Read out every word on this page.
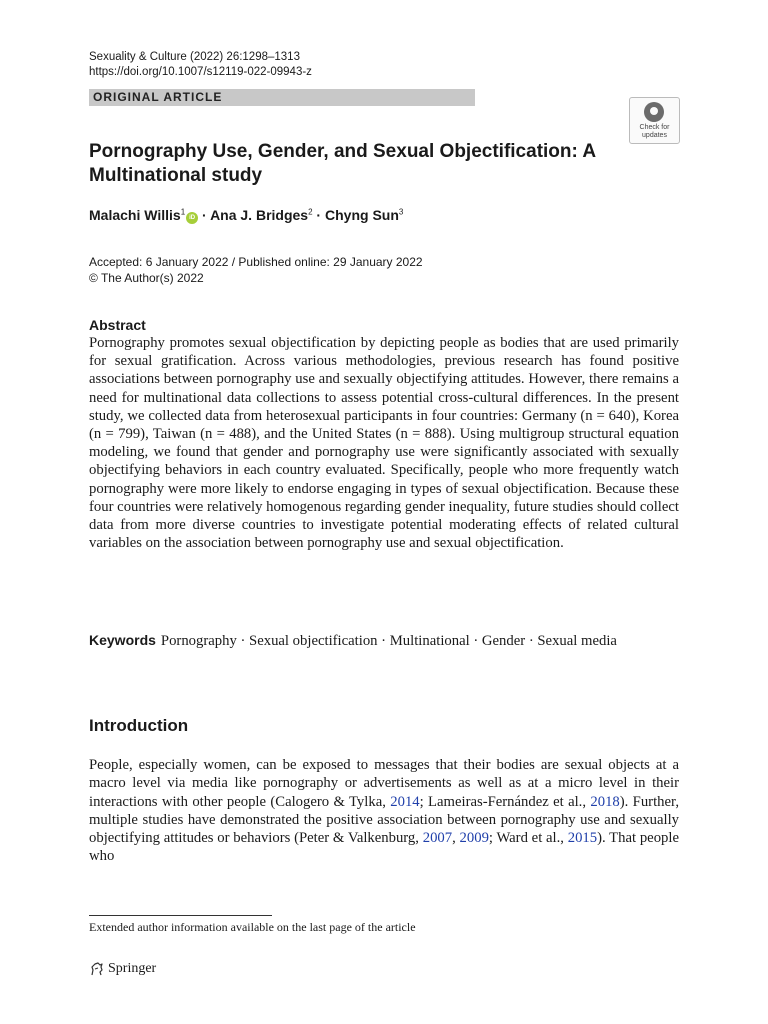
Sexuality & Culture (2022) 26:1298–1313
https://doi.org/10.1007/s12119-022-09943-z
ORIGINAL ARTICLE
Check for updates
Pornography Use, Gender, and Sexual Objectification: A Multinational study
Malachi Willis$^1$iD · Ana J. Bridges$^2$ · Chyng Sun$^3$
Accepted: 6 January 2022 / Published online: 29 January 2022
© The Author(s) 2022
Abstract
Pornography promotes sexual objectification by depicting people as bodies that are used primarily for sexual gratification. Across various methodologies, previous research has found positive associations between pornography use and sexually objectifying attitudes. However, there remains a need for multinational data collections to assess potential cross-cultural differences. In the present study, we collected data from heterosexual participants in four countries: Germany (n = 640), Korea (n = 799), Taiwan (n = 488), and the United States (n = 888). Using multigroup structural equation modeling, we found that gender and pornography use were significantly associated with sexually objectifying behaviors in each country evaluated. Specifically, people who more frequently watch pornography were more likely to endorse engaging in types of sexual objectification. Because these four countries were relatively homogenous regarding gender inequality, future studies should collect data from more diverse countries to investigate potential moderating effects of related cultural variables on the association between pornography use and sexual objectification.
Keywords Pornography · Sexual objectification · Multinational · Gender · Sexual media
Introduction
People, especially women, can be exposed to messages that their bodies are sexual objects at a macro level via media like pornography or advertisements as well as at a micro level in their interactions with other people (Calogero & Tylka, 2014; Lameiras-Fernández et al., 2018). Further, multiple studies have demonstrated the positive association between pornography use and sexually objectifying attitudes or behaviors (Peter & Valkenburg, 2007, 2009; Ward et al., 2015). That people who
Extended author information available on the last page of the article
Springer
